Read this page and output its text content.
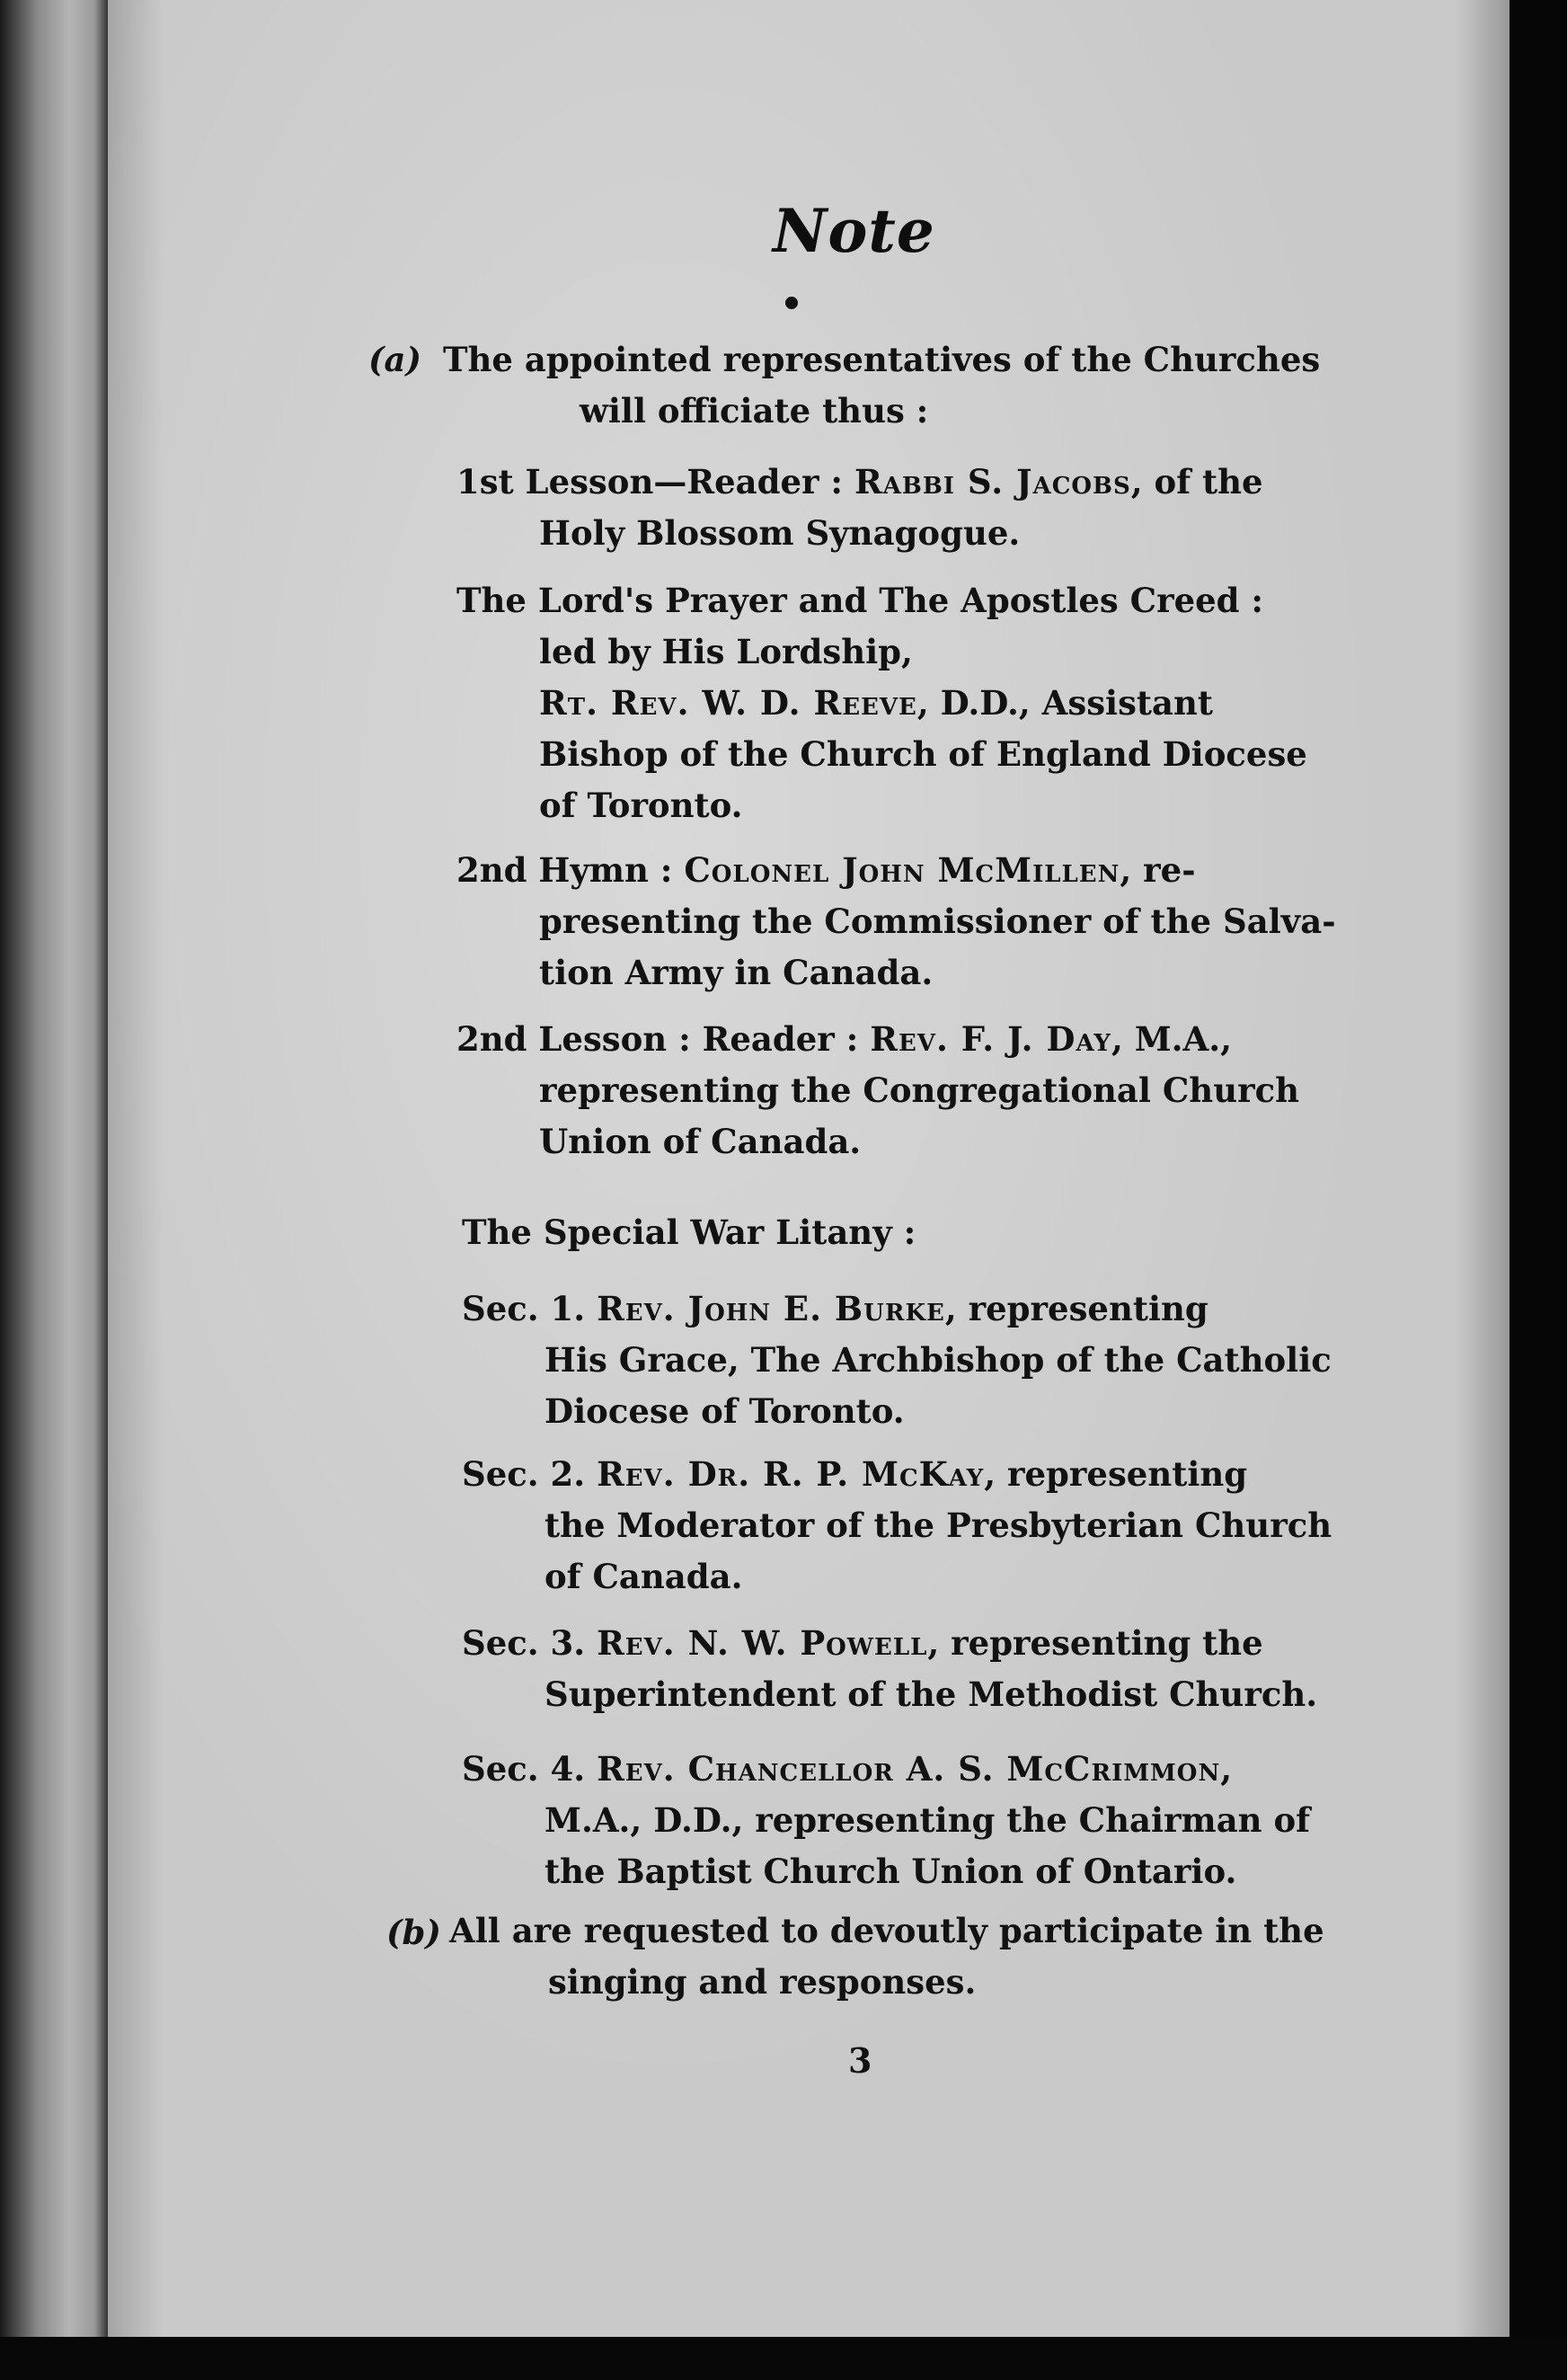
Note
(a) The appointed representatives of the Churches
will officiate thus :
1st Lesson—Reader : Rabbi S. Jacobs, of the
Holy Blossom Synagogue.
The Lord's Prayer and The Apostles Creed :
led by His Lordship,
Rt. Rev. W. D. Reeve, D.D., Assistant
Bishop of the Church of England Diocese
of Toronto.
2nd Hymn : Colonel John McMillen, re-
presenting the Commissioner of the Salva-
tion Army in Canada.
2nd Lesson : Reader : Rev. F. J. Day, M.A.,
representing the Congregational Church
Union of Canada.
The Special War Litany :
Sec. 1. Rev. John E. Burke, representing
His Grace, The Archbishop of the Catholic
Diocese of Toronto.
Sec. 2. Rev. Dr. R. P. McKay, representing
the Moderator of the Presbyterian Church
of Canada.
Sec. 3. Rev. N. W. Powell, representing the
Superintendent of the Methodist Church.
Sec. 4. Rev. Chancellor A. S. McCrimmon,
M.A., D.D., representing the Chairman of
the Baptist Church Union of Ontario.
(b) All are requested to devoutly participate in the
singing and responses.
3
